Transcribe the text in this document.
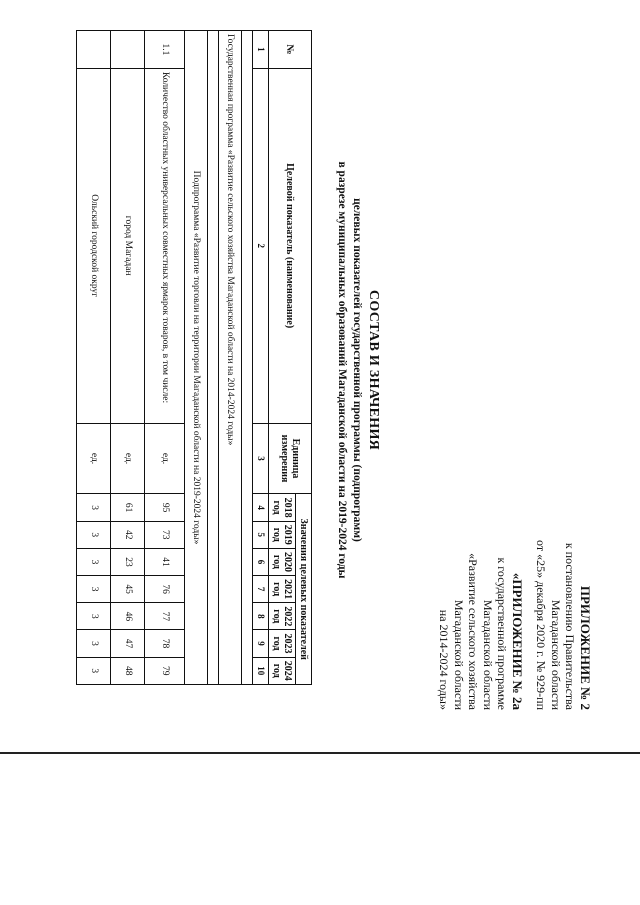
ПРИЛОЖЕНИЕ № 2
к постановлению Правительства
Магаданской области
от «25» декабря 2020 г. № 929-пп
«ПРИЛОЖЕНИЕ № 2а
к государственной программе
Магаданской области
«Развитие сельского хозяйства
Магаданской области
на 2014-2024 годы»
СОСТАВ И ЗНАЧЕНИЯ
целевых показателей государственной программы (подпрограмм)
в разрезе муниципальных образований Магаданской области на 2019-2024 годы
№	Целевой показатель (наименование)	Единица измерения	Значения целевых показателей						
			2018 год	2019 год	2020 год	2021 год	2022 год	2023 год	2024 год
1	2	3	4	5	6	7	8	9	10

Государственная программа «Развитие сельского хозяйства Магаданской области на 2014-2024 годы»									

Подпрограмма «Развитие торговли на территории Магаданской области на 2019-2024 годы»									
1.1	Количество областных универсальных совместных ярмарок товаров, в том числе:	ед.	95	73	41	76	77	78	79
	город Магадан	ед.	61	42	23	45	46	47	48
	Ольский городской округ	ед.	3	3	3	3	3	3	3
